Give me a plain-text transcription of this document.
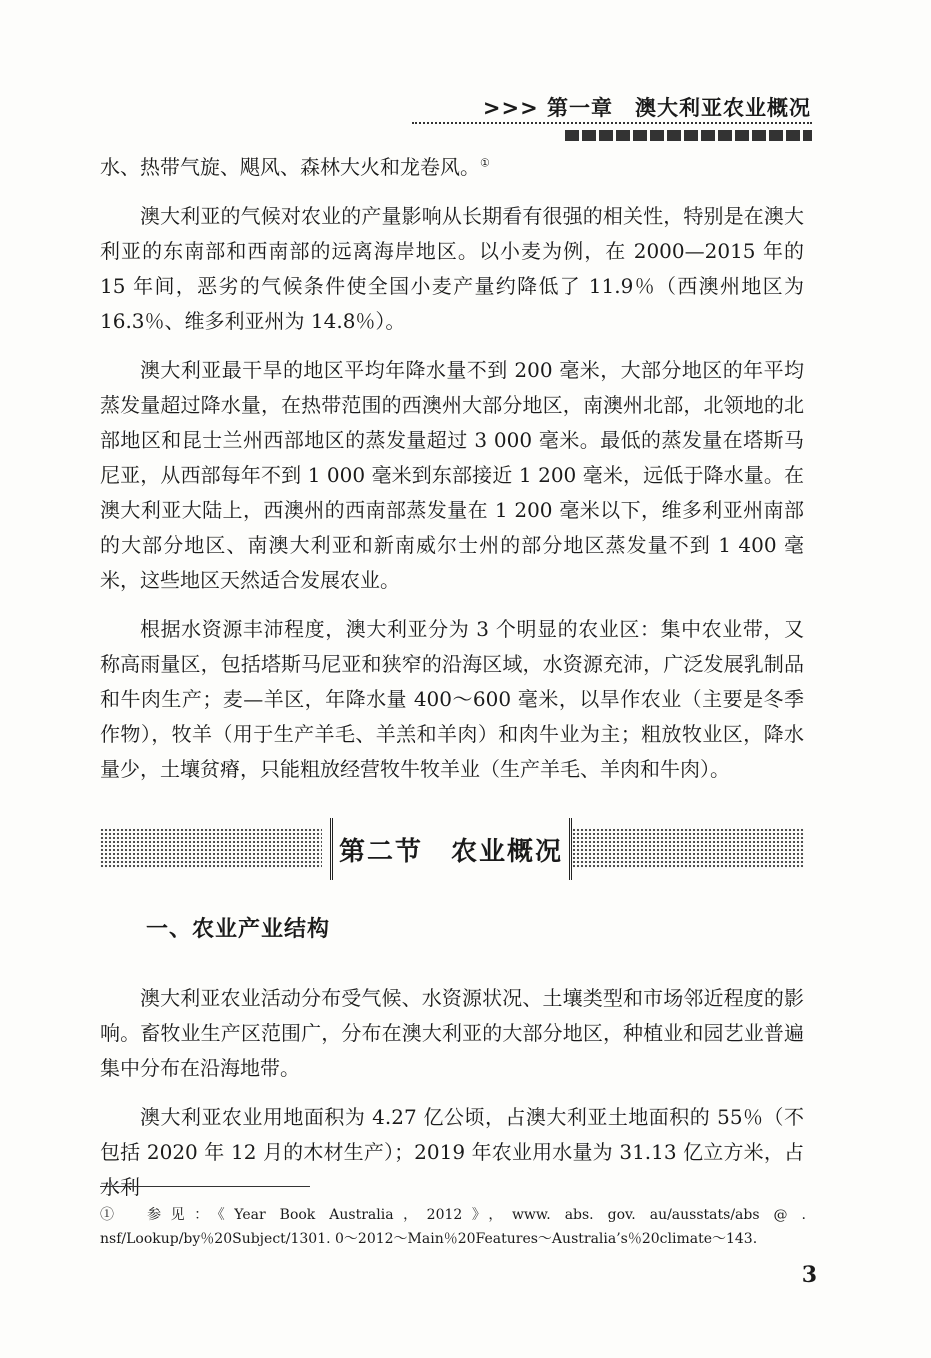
>>> 第一章　澳大利亚农业概况

水、热带气旋、飓风、森林大火和龙卷风。①

澳大利亚的气候对农业的产量影响从长期看有很强的相关性，特别是在澳大利亚的东南部和西南部的远离海岸地区。以小麦为例，在 2000—2015 年的 15 年间，恶劣的气候条件使全国小麦产量约降低了 11.9％（西澳州地区为 16.3％、维多利亚州为 14.8％）。

澳大利亚最干旱的地区平均年降水量不到 200 毫米，大部分地区的年平均蒸发量超过降水量，在热带范围的西澳州大部分地区，南澳州北部，北领地的北部地区和昆士兰州西部地区的蒸发量超过 3 000 毫米。最低的蒸发量在塔斯马尼亚，从西部每年不到 1 000 毫米到东部接近 1 200 毫米，远低于降水量。在澳大利亚大陆上，西澳州的西南部蒸发量在 1 200 毫米以下，维多利亚州南部的大部分地区、南澳大利亚和新南威尔士州的部分地区蒸发量不到 1 400 毫米，这些地区天然适合发展农业。

根据水资源丰沛程度，澳大利亚分为 3 个明显的农业区：集中农业带，又称高雨量区，包括塔斯马尼亚和狭窄的沿海区域，水资源充沛，广泛发展乳制品和牛肉生产；麦—羊区，年降水量 400～600 毫米，以旱作农业（主要是冬季作物），牧羊（用于生产羊毛、羊羔和羊肉）和肉牛业为主；粗放牧业区，降水量少，土壤贫瘠，只能粗放经营牧牛牧羊业（生产羊毛、羊肉和牛肉）。

第二节　农业概况
一、农业产业结构

澳大利亚农业活动分布受气候、水资源状况、土壤类型和市场邻近程度的影响。畜牧业生产区范围广，分布在澳大利亚的大部分地区，种植业和园艺业普遍集中分布在沿海地带。

澳大利亚农业用地面积为 4.27 亿公顷，占澳大利亚土地面积的 55％（不包括 2020 年 12 月的木材生产）；2019 年农业用水量为 31.13 亿立方米，占水利

①　参见：《Year Book Australia，2012》，www. abs. gov. au/ausstats/abs @ . nsf/Lookup/by％20Subject/1301. 0～2012～Main％20Features～Australia’s％20climate～143.
3
